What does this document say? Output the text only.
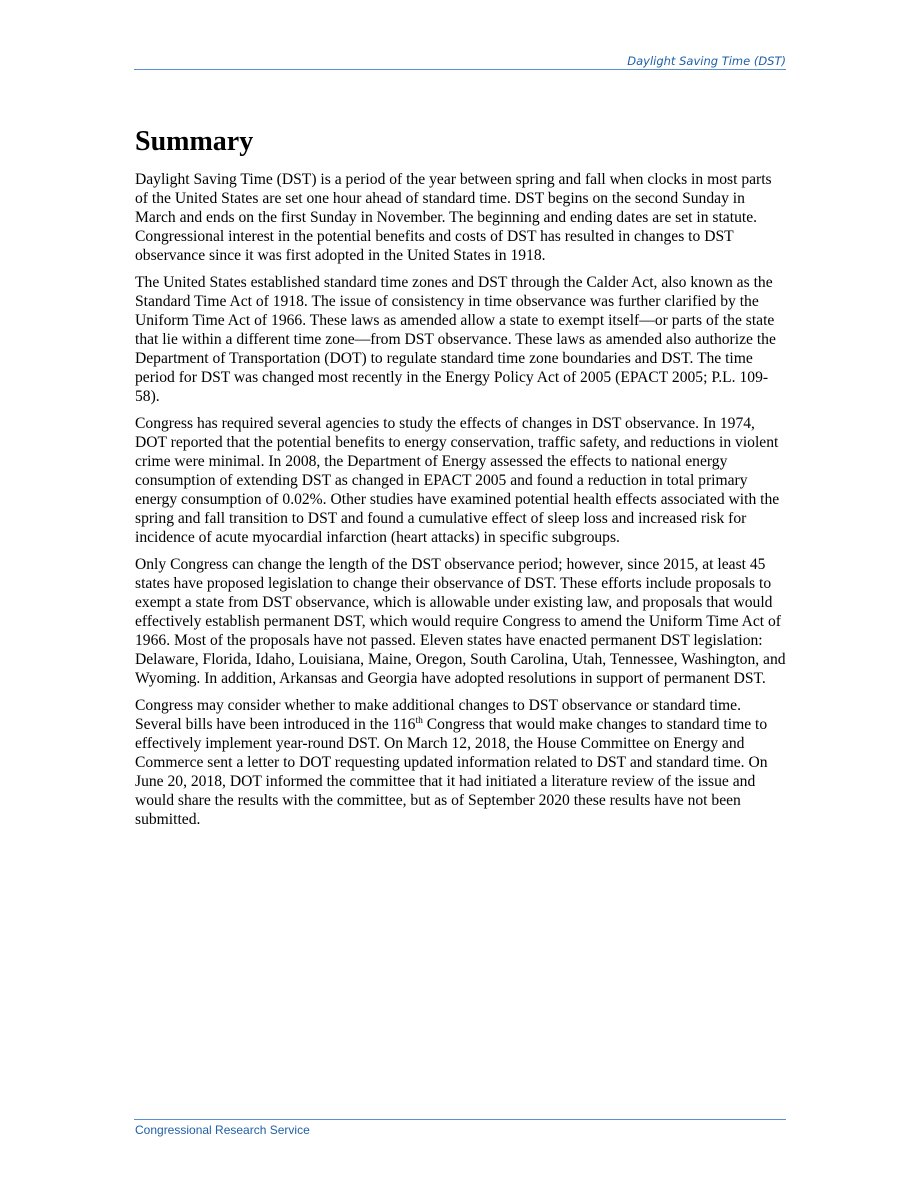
Daylight Saving Time (DST)
Summary

Daylight Saving Time (DST) is a period of the year between spring and fall when clocks in most parts of the United States are set one hour ahead of standard time. DST begins on the second Sunday in March and ends on the first Sunday in November. The beginning and ending dates are set in statute. Congressional interest in the potential benefits and costs of DST has resulted in changes to DST observance since it was first adopted in the United States in 1918.

The United States established standard time zones and DST through the Calder Act, also known as the Standard Time Act of 1918. The issue of consistency in time observance was further clarified by the Uniform Time Act of 1966. These laws as amended allow a state to exempt itself—or parts of the state that lie within a different time zone—from DST observance. These laws as amended also authorize the Department of Transportation (DOT) to regulate standard time zone boundaries and DST. The time period for DST was changed most recently in the Energy Policy Act of 2005 (EPACT 2005; P.L. 109-58).

Congress has required several agencies to study the effects of changes in DST observance. In 1974, DOT reported that the potential benefits to energy conservation, traffic safety, and reductions in violent crime were minimal. In 2008, the Department of Energy assessed the effects to national energy consumption of extending DST as changed in EPACT 2005 and found a reduction in total primary energy consumption of 0.02%. Other studies have examined potential health effects associated with the spring and fall transition to DST and found a cumulative effect of sleep loss and increased risk for incidence of acute myocardial infarction (heart attacks) in specific subgroups.

Only Congress can change the length of the DST observance period; however, since 2015, at least 45 states have proposed legislation to change their observance of DST. These efforts include proposals to exempt a state from DST observance, which is allowable under existing law, and proposals that would effectively establish permanent DST, which would require Congress to amend the Uniform Time Act of 1966. Most of the proposals have not passed. Eleven states have enacted permanent DST legislation: Delaware, Florida, Idaho, Louisiana, Maine, Oregon, South Carolina, Utah, Tennessee, Washington, and Wyoming. In addition, Arkansas and Georgia have adopted resolutions in support of permanent DST.

Congress may consider whether to make additional changes to DST observance or standard time. Several bills have been introduced in the 116th Congress that would make changes to standard time to effectively implement year-round DST. On March 12, 2018, the House Committee on Energy and Commerce sent a letter to DOT requesting updated information related to DST and standard time. On June 20, 2018, DOT informed the committee that it had initiated a literature review of the issue and would share the results with the committee, but as of September 2020 these results have not been submitted.

Congressional Research Service
